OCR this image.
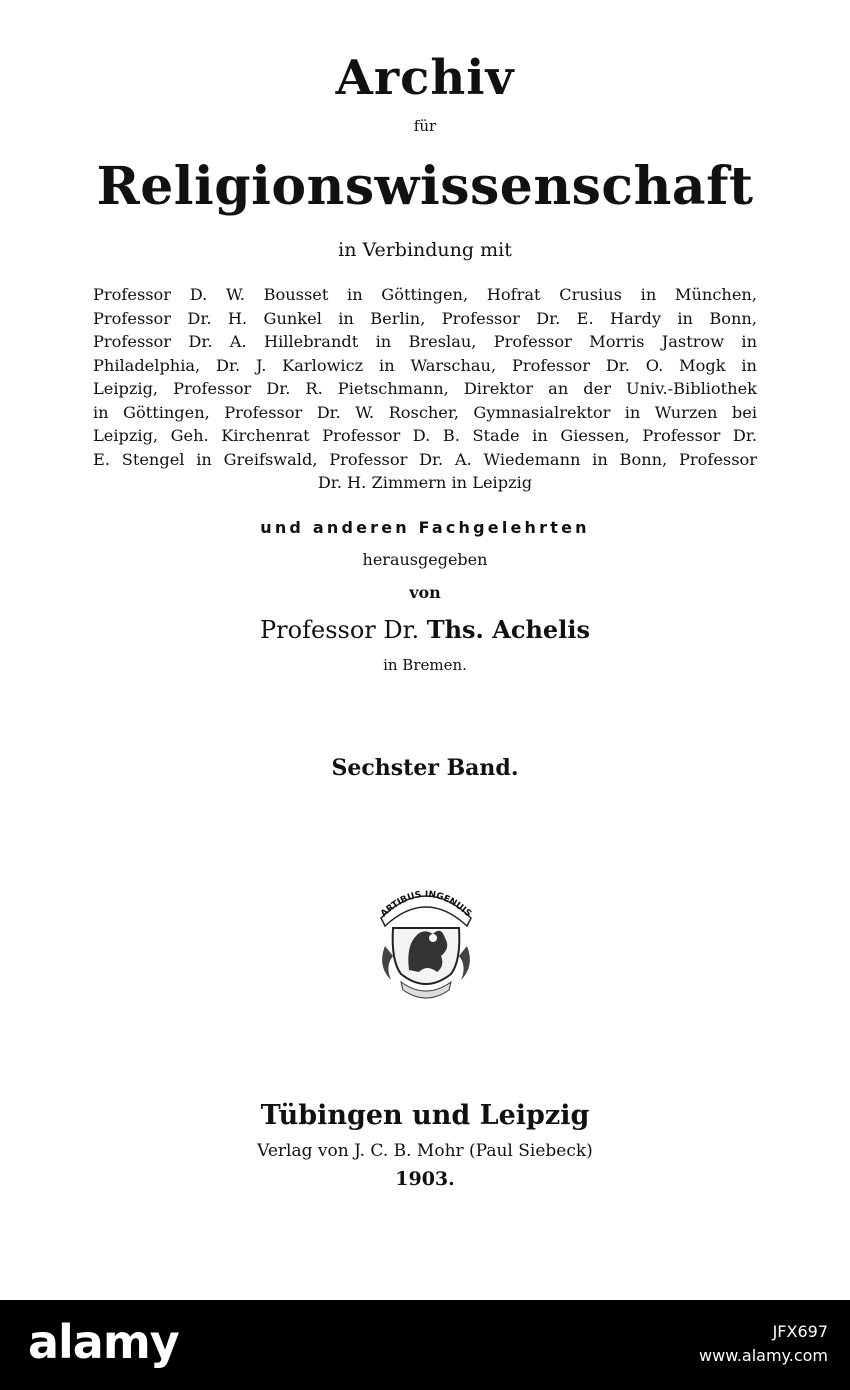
Archiv
für
Religionswissenschaft
in Verbindung mit
Professor D. W. Bousset in Göttingen, Hofrat Crusius in München,
Professor Dr. H. Gunkel in Berlin, Professor Dr. E. Hardy in Bonn,
Professor Dr. A. Hillebrandt in Breslau, Professor Morris Jastrow in
Philadelphia, Dr. J. Karlowicz in Warschau, Professor Dr. O. Mogk in
Leipzig, Professor Dr. R. Pietschmann, Direktor an der Univ.-Bibliothek
in Göttingen, Professor Dr. W. Roscher, Gymnasialrektor in Wurzen bei
Leipzig, Geh. Kirchenrat Professor D. B. Stade in Giessen, Professor Dr.
E. Stengel in Greifswald, Professor Dr. A. Wiedemann in Bonn, Professor
Dr. H. Zimmern in Leipzig
und anderen Fachgelehrten
herausgegeben
von
Professor Dr. Ths. Achelis
in Bremen.
Sechster Band.
ARTIBUS INGENUIS
Tübingen und Leipzig
Verlag von J. C. B. Mohr (Paul Siebeck)
1903.
alamy	JFX697
www.alamy.com
